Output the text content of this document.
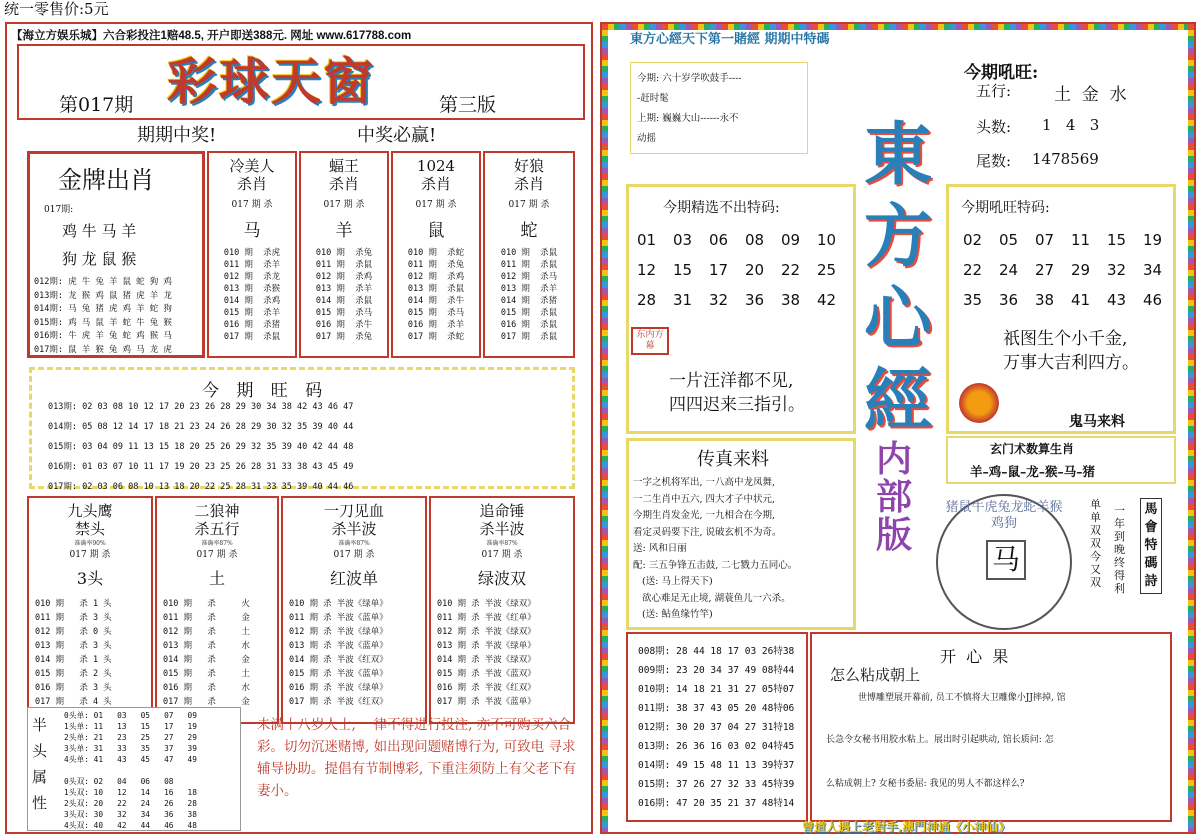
统一零售价:5元
【海立方娱乐城】六合彩投注1赔48.5, 开户即送388元. 网址 www.617788.com
第017期 彩球天窗	第三版
期期中奖!	中奖必赢!
金牌出肖
017期:
鸡 牛 马 羊
狗 龙 鼠 猴
012期: 虎 牛 兔 羊 鼠 蛇 狗 鸡
013期: 龙 猴 鸡 鼠 猪 虎 羊 龙
014期: 马 兔 猪 虎 鸡 羊 蛇 狗
015期: 鸡 马 鼠 羊 蛇 牛 兔 猴
016期: 牛 虎 羊 兔 蛇 鸡 猴 马
017期: 鼠 羊 猴 兔 鸡 马 龙 虎
冷美人
杀肖
017 期 杀
马
010 期  杀虎
011 期  杀羊
012 期  杀龙
013 期  杀猴
014 期  杀鸡
015 期  杀羊
016 期  杀猪
017 期  杀鼠
蝠王
杀肖
017 期 杀
羊
010 期  杀兔
011 期  杀鼠
012 期  杀鸡
013 期  杀羊
014 期  杀鼠
015 期  杀马
016 期  杀牛
017 期  杀兔
1024
杀肖
017 期 杀
鼠
010 期  杀蛇
011 期  杀兔
012 期  杀鸡
013 期  杀鼠
014 期  杀牛
015 期  杀马
016 期  杀羊
017 期  杀蛇
好狼
杀肖
017 期 杀
蛇
010 期  杀鼠
011 期  杀鼠
012 期  杀马
013 期  杀羊
014 期  杀猪
015 期  杀鼠
016 期  杀鼠
017 期  杀鼠
今 期 旺 码
013期: 02 03 08 10 12 17 20 23 26 28 29 30 34 38 42 43 46 47
014期: 05 08 12 14 17 18 21 23 24 26 28 29 30 32 35 39 40 44
015期: 03 04 09 11 13 15 18 20 25 26 29 32 35 39 40 42 44 48
016期: 01 03 07 10 11 17 19 20 23 25 26 28 31 33 38 43 45 49
017期: 02 03 06 08 10 13 18 20 22 25 28 31 33 35 39 40 44 46
九头鹰
禁头
准确率90%
017 期 杀
3头
010 期   杀 1 头
011 期   杀 3 头
012 期   杀 0 头
013 期   杀 3 头
014 期   杀 1 头
015 期   杀 2 头
016 期   杀 3 头
017 期   杀 4 头
二狼神
杀五行
准确率87%
017 期 杀
土
010 期   杀     火
011 期   杀     金
012 期   杀     土
013 期   杀     水
014 期   杀     金
015 期   杀     土
016 期   杀     水
017 期   杀     金
一刀见血
杀半波
准确率87%
017 期 杀
红波单
010 期 杀 半波《绿单》
011 期 杀 半波《蓝单》
012 期 杀 半波《绿单》
013 期 杀 半波《蓝单》
014 期 杀 半波《红双》
015 期 杀 半波《蓝单》
016 期 杀 半波《绿单》
017 期 杀 半波《红双》
追命锤
杀半波
准确率87%
017 期 杀
绿波双
010 期 杀 半波《绿双》
011 期 杀 半波《红单》
012 期 杀 半波《绿双》
013 期 杀 半波《绿单》
014 期 杀 半波《绿双》
015 期 杀 半波《蓝双》
016 期 杀 半波《红双》
017 期 杀 半波《蓝单》
半头属性
0头单: 01   03   05   07   09
1头单: 11   13   15   17   19
2头单: 21   23   25   27   29
3头单: 31   33   35   37   39
4头单: 41   43   45   47   49

0头双: 02   04   06   08
1头双: 10   12   14   16   18
2头双: 20   22   24   26   28
3头双: 30   32   34   36   38
4头双: 40   42   44   46   48
未满十八岁人士, 一律不得进行投注, 亦不可购买六合彩。切勿沉迷赌博, 如出现问题赌博行为, 可致电 寻求辅导协助。提倡有节制博彩, 下重注须防上有父老下有妻小。
東方心經天下第一賭經 期期中特碼
今期: 六十岁学吹鼓手----
-赶时髦
上期: 巍巍大山------永不
动摇	東方心經
内部版
今期吼旺:
五行:	土  金  水
头数: 1   4   3
尾数: 1478569
今期精选不出特码:
01	03	06	08	09	10
12	15	17	20	22	25
28	31	32	36	38	42
东内方幕
一片汪洋都不见,
四四迟来三指引。
今期吼旺特码:
02	05	07	11	15	19
22	24	27	29	32	34
35	36	38	41	43	46
祇图生个小千金,
万事大吉利四方。
鬼马来料
玄门术数算生肖
羊–鸡–鼠–龙–猴–马–猪
传真来料
一字之机将军出, 一八高中龙凤舞,
一二生肖中五六, 四大才子中状元,
今期生肖发金光, 一九相合在今期,
看定灵码要下注, 说破玄机不为奇。
送: 风和日丽
配: 三五争锋五击鼓, 二七戮力五同心。
(送: 马上得天下)
欲心难足无止境, 湖蓑鱼儿一六杀。
(送: 鲇鱼缘竹竿)
猪鼠牛虎兔龙蛇羊猴鸡狗
马
单单双双今又双
一年到晚终得利
馬會特碼詩
008期: 28 44 18 17 03 26特38
009期: 23 20 34 37 49 08特44
010期: 14 18 21 31 27 05特07
011期: 38 37 43 05 20 48特06
012期: 30 20 37 04 27 31特18
013期: 26 36 16 03 02 04特45
014期: 49 15 48 11 13 39特37
015期: 37 26 27 32 33 45特39
016期: 47 20 35 21 37 48特14
开  心  果
怎么粘成朝上
世博雕塑展开幕前, 员工不慎将大卫雕像小JJ摔掉, 馆
长急令女秘书用胶水粘上。展出时引起哄动, 馆长质问: 怎
么粘成朝上? 女秘书委屈: 我见的男人不都这样么?
曾道人遇上老對手,澳門神通《小神仙》
